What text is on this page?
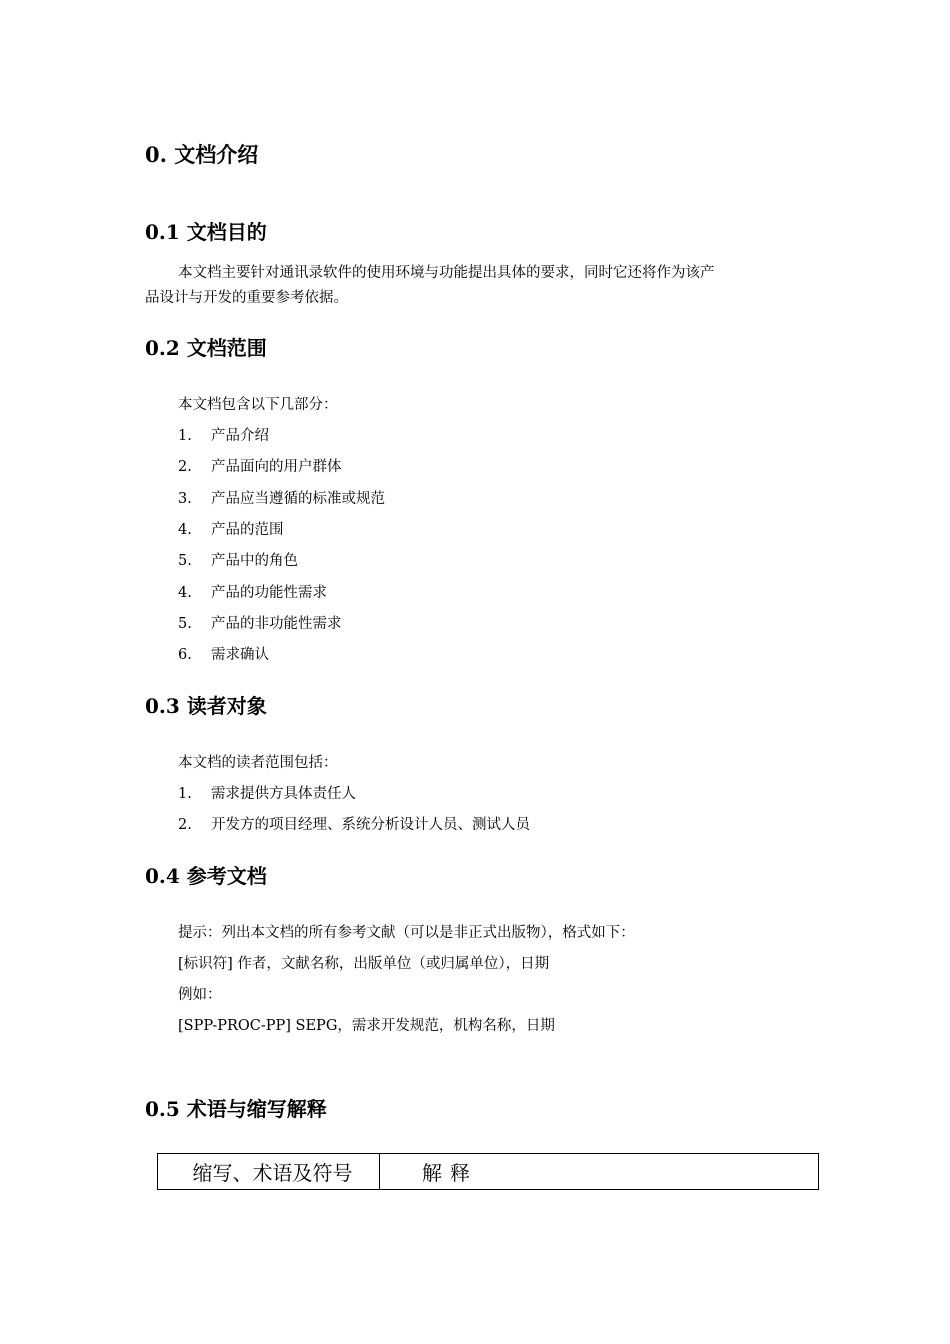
0. 文档介绍
0.1 文档目的
本文档主要针对通讯录软件的使用环境与功能提出具体的要求，同时它还将作为该产
品设计与开发的重要参考依据。
0.2 文档范围
本文档包含以下几部分：
1. 产品介绍
2. 产品面向的用户群体
3. 产品应当遵循的标准或规范
4. 产品的范围
5. 产品中的角色
4. 产品的功能性需求
5. 产品的非功能性需求
6. 需求确认
0.3 读者对象
本文档的读者范围包括：
1. 需求提供方具体责任人
2. 开发方的项目经理、系统分析设计人员、测试人员
0.4 参考文档
提示：列出本文档的所有参考文献（可以是非正式出版物），格式如下：
[标识符] 作者，文献名称，出版单位（或归属单位），日期
例如：
[SPP-PROC-PP] SEPG，需求开发规范，机构名称，日期
0.5 术语与缩写解释
缩写、术语及符号	解释
